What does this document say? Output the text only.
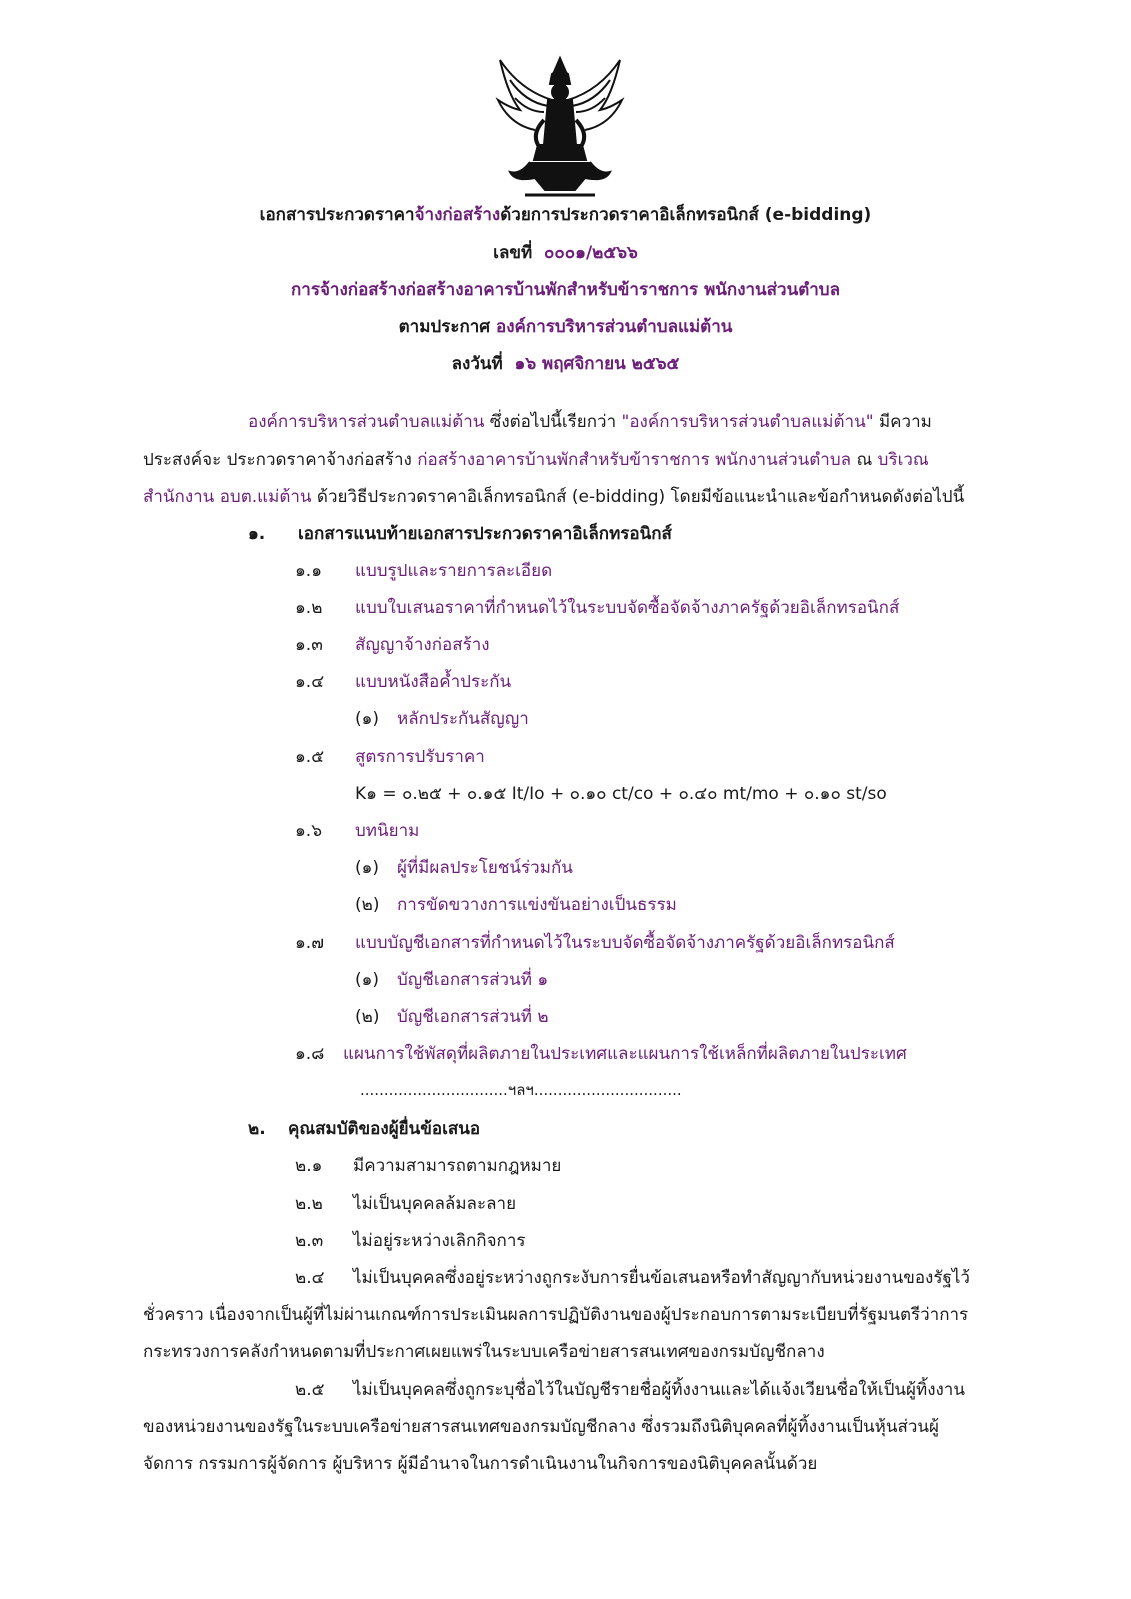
เอกสารประกวดราคาจ้างก่อสร้างด้วยการประกวดราคาอิเล็กทรอนิกส์ (e-bidding)
เลขที่ ๐๐๐๑/๒๕๖๖
การจ้างก่อสร้างก่อสร้างอาคารบ้านพักสำหรับข้าราชการ พนักงานส่วนตำบล
ตามประกาศ องค์การบริหารส่วนตำบลแม่ต้าน
ลงวันที่ ๑๖ พฤศจิกายน ๒๕๖๕
องค์การบริหารส่วนตำบลแม่ต้าน ซึ่งต่อไปนี้เรียกว่า "องค์การบริหารส่วนตำบลแม่ต้าน" มีความ
ประสงค์จะ ประกวดราคาจ้างก่อสร้าง ก่อสร้างอาคารบ้านพักสำหรับข้าราชการ พนักงานส่วนตำบล ณ บริเวณ
สำนักงาน อบต.แม่ต้าน ด้วยวิธีประกวดราคาอิเล็กทรอนิกส์ (e-bidding) โดยมีข้อแนะนำและข้อกำหนดดังต่อไปนี้
๑. เอกสารแนบท้ายเอกสารประกวดราคาอิเล็กทรอนิกส์
๑.๑ แบบรูปและรายการละเอียด
๑.๒ แบบใบเสนอราคาที่กำหนดไว้ในระบบจัดซื้อจัดจ้างภาครัฐด้วยอิเล็กทรอนิกส์
๑.๓ สัญญาจ้างก่อสร้าง
๑.๔ แบบหนังสือค้ำประกัน
(๑) หลักประกันสัญญา
๑.๕ สูตรการปรับราคา
K๑ = ๐.๒๕ + ๐.๑๕ It/Io + ๐.๑๐ ct/co + ๐.๔๐ mt/mo + ๐.๑๐ st/so
๑.๖ บทนิยาม
(๑) ผู้ที่มีผลประโยชน์ร่วมกัน
(๒) การขัดขวางการแข่งขันอย่างเป็นธรรม
๑.๗ แบบบัญชีเอกสารที่กำหนดไว้ในระบบจัดซื้อจัดจ้างภาครัฐด้วยอิเล็กทรอนิกส์
(๑) บัญชีเอกสารส่วนที่ ๑
(๒) บัญชีเอกสารส่วนที่ ๒
๑.๘ แผนการใช้พัสดุที่ผลิตภายในประเทศและแผนการใช้เหล็กที่ผลิตภายในประเทศ
...............................ฯลฯ...............................
๒. คุณสมบัติของผู้ยื่นข้อเสนอ
๒.๑ มีความสามารถตามกฎหมาย
๒.๒ ไม่เป็นบุคคลล้มละลาย
๒.๓ ไม่อยู่ระหว่างเลิกกิจการ
๒.๔ ไม่เป็นบุคคลซึ่งอยู่ระหว่างถูกระงับการยื่นข้อเสนอหรือทำสัญญากับหน่วยงานของรัฐไว้
ชั่วคราว เนื่องจากเป็นผู้ที่ไม่ผ่านเกณฑ์การประเมินผลการปฏิบัติงานของผู้ประกอบการตามระเบียบที่รัฐมนตรีว่าการ
กระทรวงการคลังกำหนดตามที่ประกาศเผยแพร่ในระบบเครือข่ายสารสนเทศของกรมบัญชีกลาง
๒.๕ ไม่เป็นบุคคลซึ่งถูกระบุชื่อไว้ในบัญชีรายชื่อผู้ทิ้งงานและได้แจ้งเวียนชื่อให้เป็นผู้ทิ้งงาน
ของหน่วยงานของรัฐในระบบเครือข่ายสารสนเทศของกรมบัญชีกลาง ซึ่งรวมถึงนิติบุคคลที่ผู้ทิ้งงานเป็นหุ้นส่วนผู้
จัดการ กรรมการผู้จัดการ ผู้บริหาร ผู้มีอำนาจในการดำเนินงานในกิจการของนิติบุคคลนั้นด้วย
